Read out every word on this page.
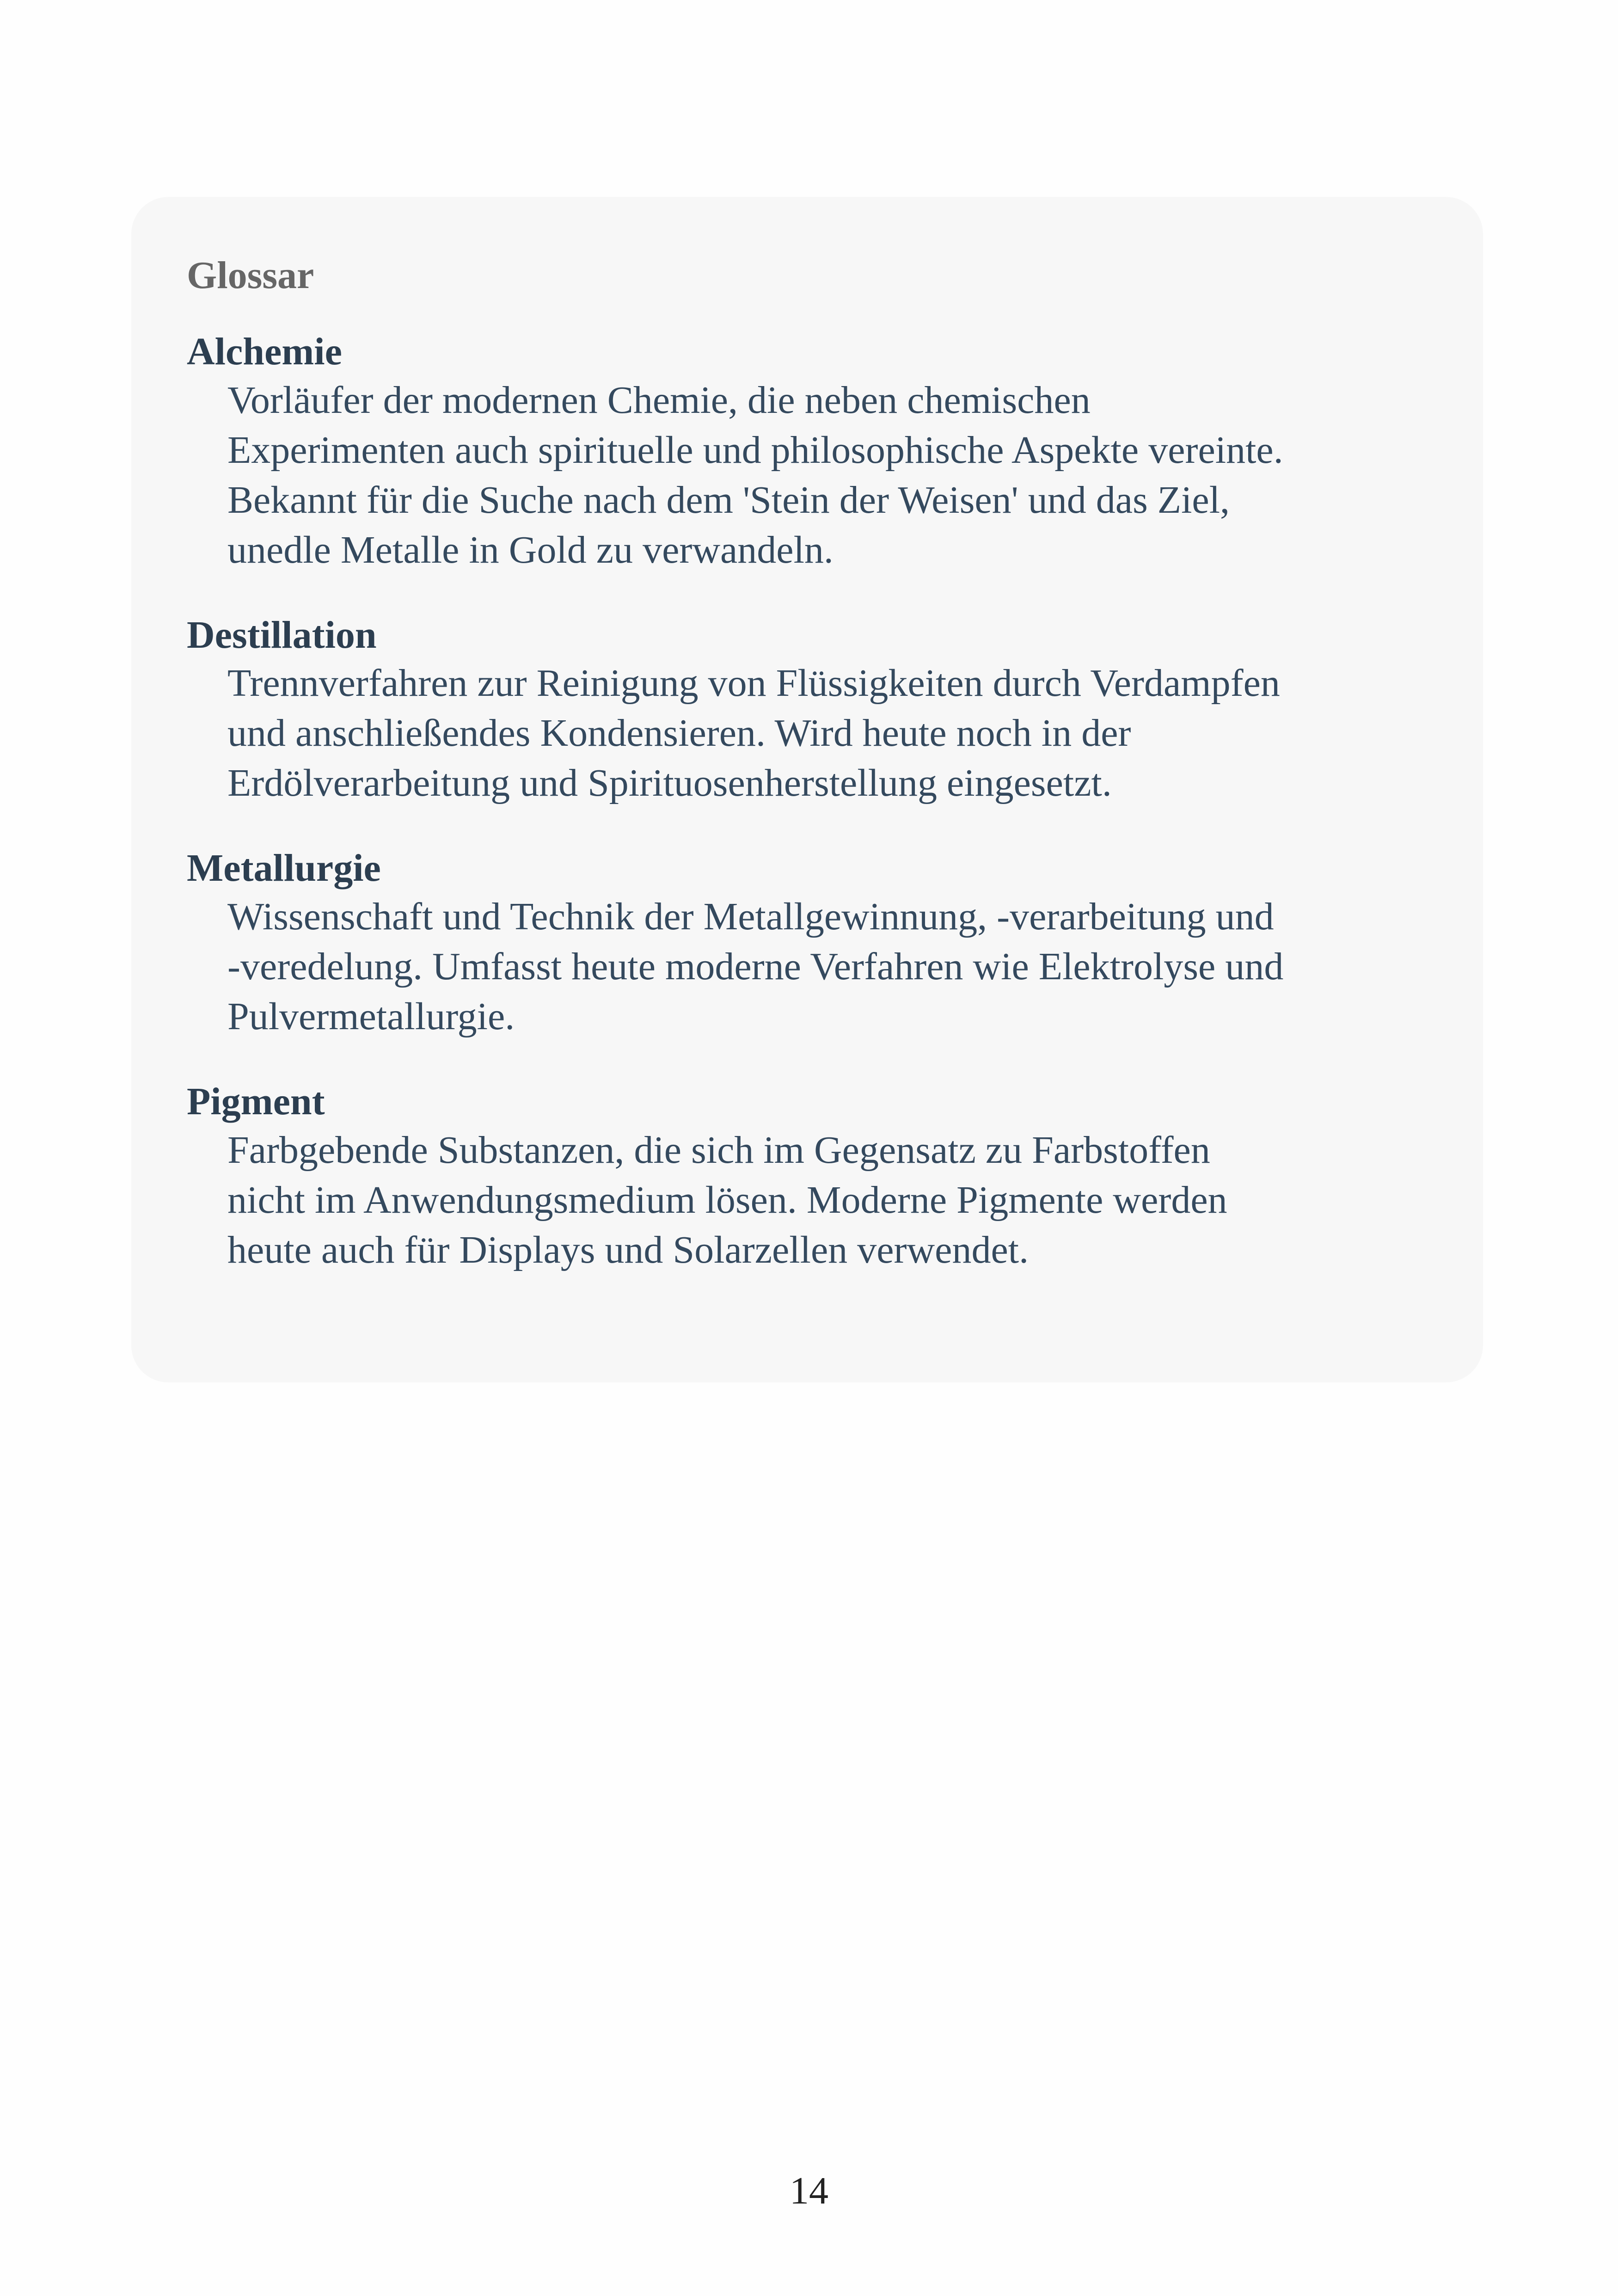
Glossar
Alchemie
Vorläufer der modernen Chemie, die neben chemischen
Experimenten auch spirituelle und philosophische Aspekte vereinte.
Bekannt für die Suche nach dem 'Stein der Weisen' und das Ziel,
unedle Metalle in Gold zu verwandeln.
Destillation
Trennverfahren zur Reinigung von Flüssigkeiten durch Verdampfen
und anschließendes Kondensieren. Wird heute noch in der
Erdölverarbeitung und Spirituosenherstellung eingesetzt.
Metallurgie
Wissenschaft und Technik der Metallgewinnung, -verarbeitung und
-veredelung. Umfasst heute moderne Verfahren wie Elektrolyse und
Pulvermetallurgie.
Pigment
Farbgebende Substanzen, die sich im Gegensatz zu Farbstoffen
nicht im Anwendungsmedium lösen. Moderne Pigmente werden
heute auch für Displays und Solarzellen verwendet.
14
